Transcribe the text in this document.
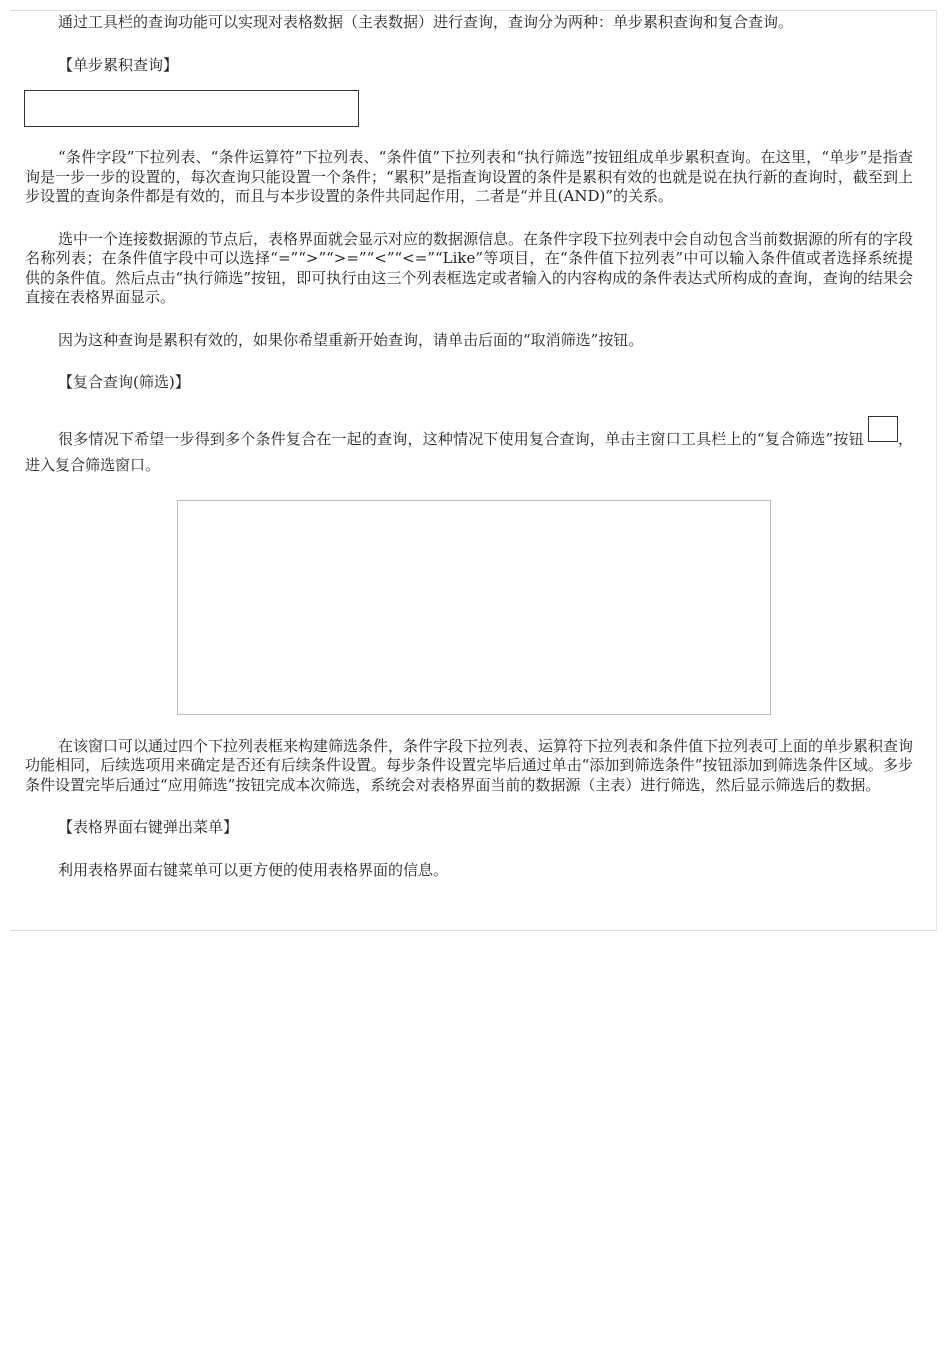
通过工具栏的查询功能可以实现对表格数据（主表数据）进行查询，查询分为两种：单步累积查询和复合查询。

【单步累积查询】

“条件字段”下拉列表、“条件运算符”下拉列表、“条件值”下拉列表和“执行筛选”按钮组成单步累积查询。在这里，“单步”是指查询是一步一步的设置的，每次查询只能设置一个条件；“累积”是指查询设置的条件是累积有效的也就是说在执行新的查询时，截至到上步设置的查询条件都是有效的，而且与本步设置的条件共同起作用，二者是“并且(AND)”的关系。

选中一个连接数据源的节点后，表格界面就会显示对应的数据源信息。在条件字段下拉列表中会自动包含当前数据源的所有的字段名称列表；在条件值字段中可以选择“=”“>”“>=”“<”“<=”“Like”等项目，在“条件值下拉列表”中可以输入条件值或者选择系统提供的条件值。然后点击“执行筛选”按钮，即可执行由这三个列表框选定或者输入的内容构成的条件表达式所构成的查询，查询的结果会直接在表格界面显示。

因为这种查询是累积有效的，如果你希望重新开始查询，请单击后面的“取消筛选”按钮。

【复合查询(筛选)】

很多情况下希望一步得到多个条件复合在一起的查询，这种情况下使用复合查询，单击主窗口工具栏上的“复合筛选”按钮 ，进入复合筛选窗口。

在该窗口可以通过四个下拉列表框来构建筛选条件，条件字段下拉列表、运算符下拉列表和条件值下拉列表可上面的单步累积查询功能相同，后续选项用来确定是否还有后续条件设置。每步条件设置完毕后通过单击“添加到筛选条件”按钮添加到筛选条件区域。多步条件设置完毕后通过“应用筛选”按钮完成本次筛选，系统会对表格界面当前的数据源（主表）进行筛选，然后显示筛选后的数据。

【表格界面右键弹出菜单】

利用表格界面右键菜单可以更方便的使用表格界面的信息。
